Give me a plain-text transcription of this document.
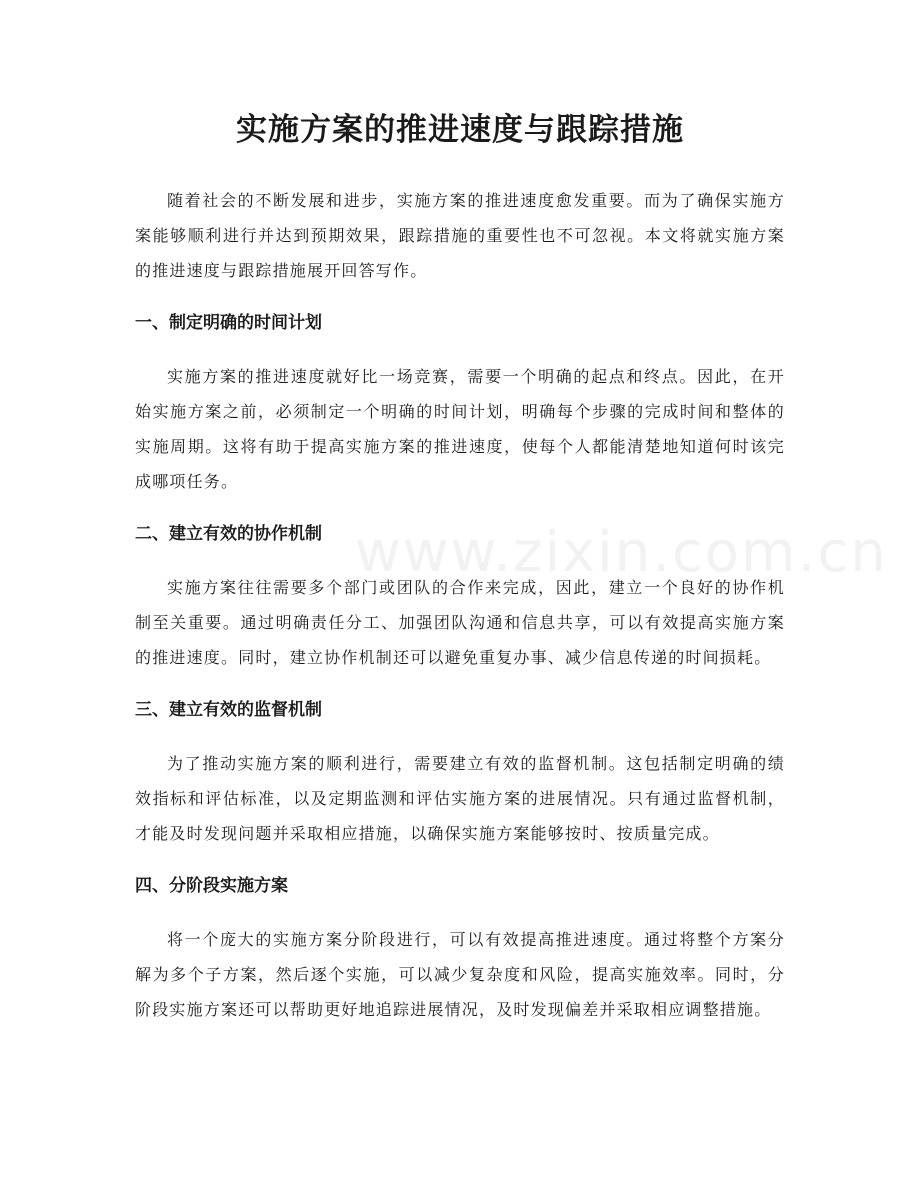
www.zixin.com.cn
实施方案的推进速度与跟踪措施

随着社会的不断发展和进步，实施方案的推进速度愈发重要。而为了确保实施方案能够顺利进行并达到预期效果，跟踪措施的重要性也不可忽视。本文将就实施方案的推进速度与跟踪措施展开回答写作。

一、制定明确的时间计划

实施方案的推进速度就好比一场竞赛，需要一个明确的起点和终点。因此，在开始实施方案之前，必须制定一个明确的时间计划，明确每个步骤的完成时间和整体的实施周期。这将有助于提高实施方案的推进速度，使每个人都能清楚地知道何时该完成哪项任务。

二、建立有效的协作机制

实施方案往往需要多个部门或团队的合作来完成，因此，建立一个良好的协作机制至关重要。通过明确责任分工、加强团队沟通和信息共享，可以有效提高实施方案的推进速度。同时，建立协作机制还可以避免重复办事、减少信息传递的时间损耗。

三、建立有效的监督机制

为了推动实施方案的顺利进行，需要建立有效的监督机制。这包括制定明确的绩效指标和评估标准，以及定期监测和评估实施方案的进展情况。只有通过监督机制，才能及时发现问题并采取相应措施，以确保实施方案能够按时、按质量完成。

四、分阶段实施方案

将一个庞大的实施方案分阶段进行，可以有效提高推进速度。通过将整个方案分解为多个子方案，然后逐个实施，可以减少复杂度和风险，提高实施效率。同时，分阶段实施方案还可以帮助更好地追踪进展情况，及时发现偏差并采取相应调整措施。
